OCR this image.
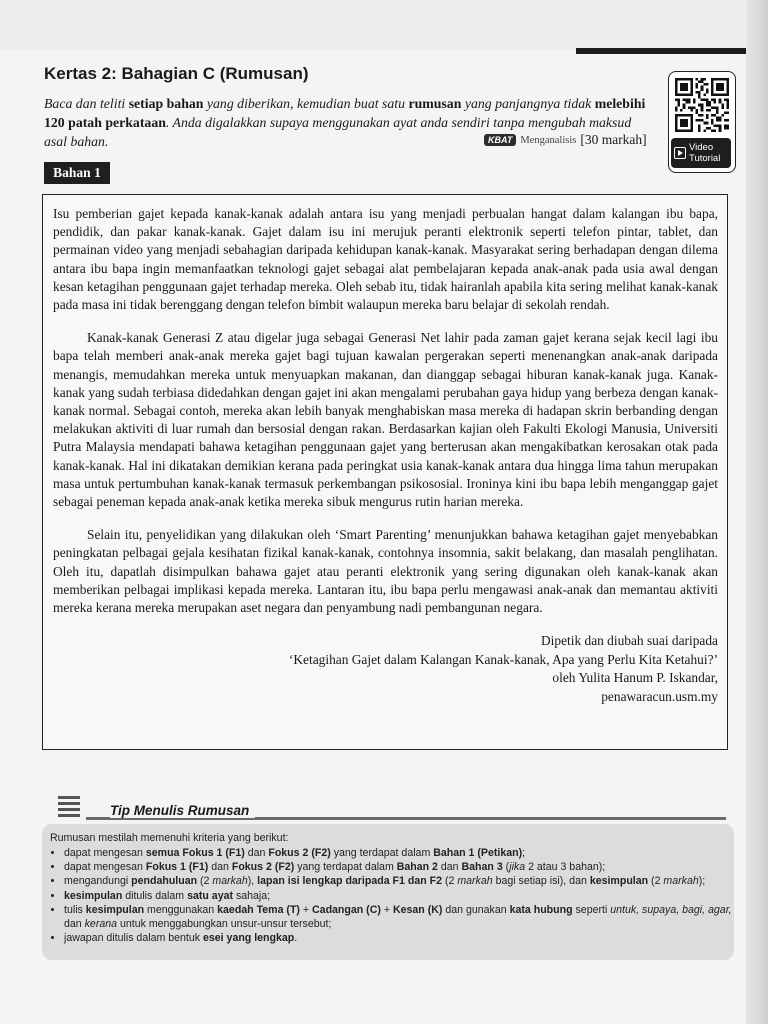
Kertas 2: Bahagian C (Rumusan)
Baca dan teliti setiap bahan yang diberikan, kemudian buat satu rumusan yang panjangnya tidak melebihi 120 patah perkataan. Anda digalakkan supaya menggunakan ayat anda sendiri tanpa mengubah maksud asal bahan.	KBAT Menganalisis [30 markah]
Video
Tutorial
Bahan 1

Isu pemberian gajet kepada kanak-kanak adalah antara isu yang menjadi perbualan hangat dalam kalangan ibu bapa, pendidik, dan pakar kanak-kanak. Gajet dalam isu ini merujuk peranti elektronik seperti telefon pintar, tablet, dan permainan video yang menjadi sebahagian daripada kehidupan kanak-kanak. Masyarakat sering berhadapan dengan dilema antara ibu bapa ingin memanfaatkan teknologi gajet sebagai alat pembelajaran kepada anak-anak pada usia awal dengan kesan ketagihan penggunaan gajet terhadap mereka. Oleh sebab itu, tidak hairanlah apabila kita sering melihat kanak-kanak pada masa ini tidak berenggang dengan telefon bimbit walaupun mereka baru belajar di sekolah rendah.

Kanak-kanak Generasi Z atau digelar juga sebagai Generasi Net lahir pada zaman gajet kerana sejak kecil lagi ibu bapa telah memberi anak-anak mereka gajet bagi tujuan kawalan pergerakan seperti menenangkan anak-anak daripada menangis, memudahkan mereka untuk menyuapkan makanan, dan dianggap sebagai hiburan kanak-kanak juga. Kanak-kanak yang sudah terbiasa didedahkan dengan gajet ini akan mengalami perubahan gaya hidup yang berbeza dengan kanak-kanak normal. Sebagai contoh, mereka akan lebih banyak menghabiskan masa mereka di hadapan skrin berbanding dengan melakukan aktiviti di luar rumah dan bersosial dengan rakan. Berdasarkan kajian oleh Fakulti Ekologi Manusia, Universiti Putra Malaysia mendapati bahawa ketagihan penggunaan gajet yang berterusan akan mengakibatkan kerosakan otak pada kanak-kanak. Hal ini dikatakan demikian kerana pada peringkat usia kanak-kanak antara dua hingga lima tahun merupakan masa untuk pertumbuhan kanak-kanak termasuk perkembangan psikososial. Ironinya kini ibu bapa lebih menganggap gajet sebagai peneman kepada anak-anak ketika mereka sibuk mengurus rutin harian mereka.

Selain itu, penyelidikan yang dilakukan oleh ‘Smart Parenting’ menunjukkan bahawa ketagihan gajet menyebabkan peningkatan pelbagai gejala kesihatan fizikal kanak-kanak, contohnya insomnia, sakit belakang, dan masalah penglihatan. Oleh itu, dapatlah disimpulkan bahawa gajet atau peranti elektronik yang sering digunakan oleh kanak-kanak akan memberikan pelbagai implikasi kepada mereka. Lantaran itu, ibu bapa perlu mengawasi anak-anak dan memantau aktiviti mereka kerana mereka merupakan aset negara dan penyambung nadi pembangunan negara.

Dipetik dan diubah suai daripada
‘Ketagihan Gajet dalam Kalangan Kanak-kanak, Apa yang Perlu Kita Ketahui?’
oleh Yulita Hanum P. Iskandar,
penawaracun.usm.my
Tip Menulis Rumusan
Rumusan mestilah memenuhi kriteria yang berikut:
• dapat mengesan semua Fokus 1 (F1) dan Fokus 2 (F2) yang terdapat dalam Bahan 1 (Petikan);
• dapat mengesan Fokus 1 (F1) dan Fokus 2 (F2) yang terdapat dalam Bahan 2 dan Bahan 3 (jika 2 atau 3 bahan);
• mengandungi pendahuluan (2 markah), lapan isi lengkap daripada F1 dan F2 (2 markah bagi setiap isi), dan kesimpulan (2 markah);
• kesimpulan ditulis dalam satu ayat sahaja;
• tulis kesimpulan menggunakan kaedah Tema (T) + Cadangan (C) + Kesan (K) dan gunakan kata hubung seperti untuk, supaya, bagi, agar, dan kerana untuk menggabungkan unsur-unsur tersebut;
• jawapan ditulis dalam bentuk esei yang lengkap.
